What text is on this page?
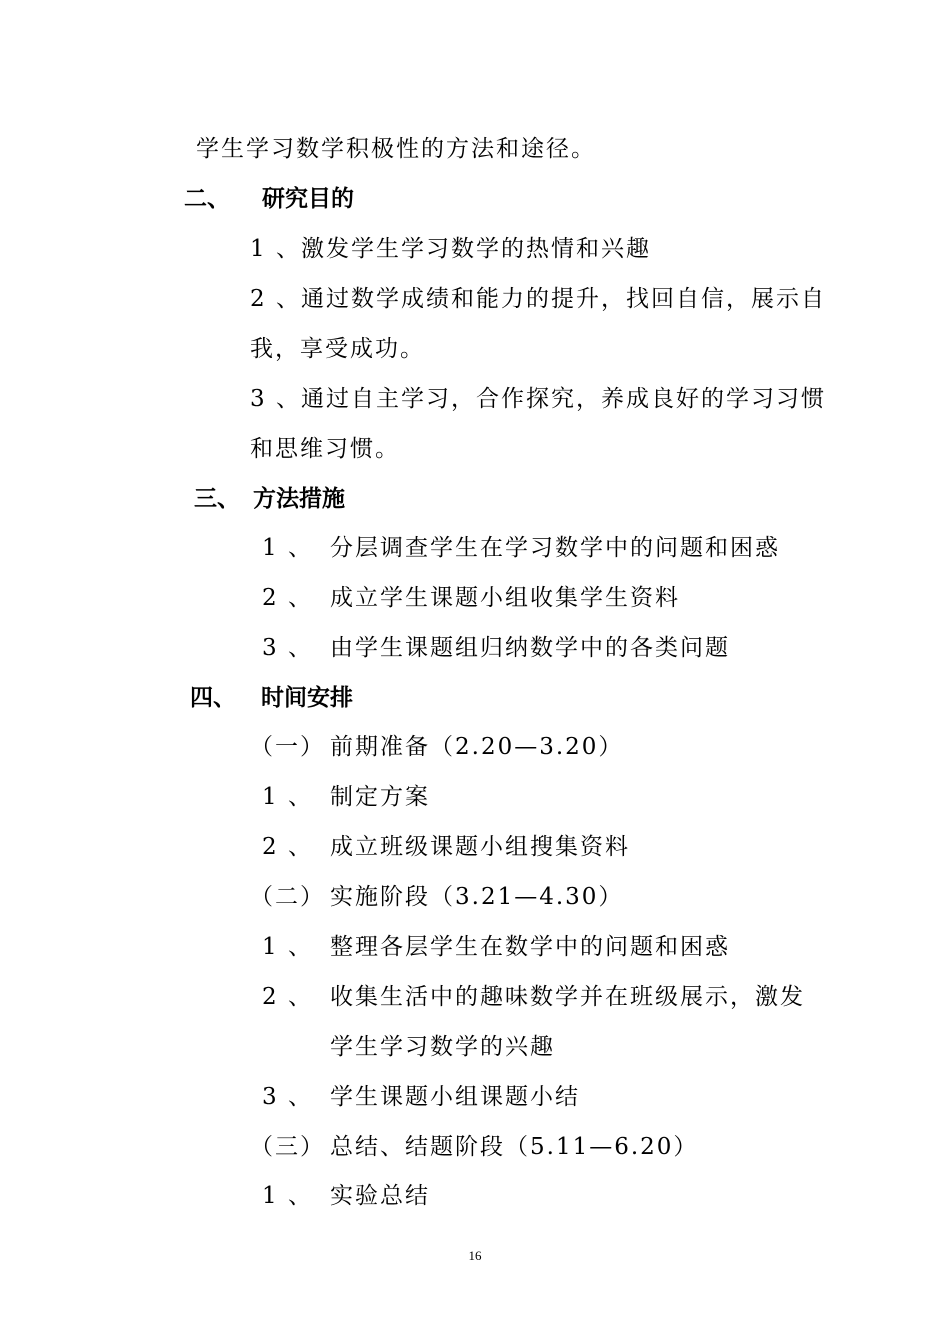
学生学习数学积极性的方法和途径。
二、 研究目的
1 、激发学生学习数学的热情和兴趣
2 、通过数学成绩和能力的提升，找回自信，展示自
我，享受成功。
3 、通过自主学习，合作探究，养成良好的学习习惯
和思维习惯。
三、 方法措施
1 、 分层调查学生在学习数学中的问题和困惑
2 、 成立学生课题小组收集学生资料
3 、 由学生课题组归纳数学中的各类问题
四、 时间安排
（一） 前期准备（2.20—3.20）
1 、 制定方案
2 、 成立班级课题小组搜集资料
（二） 实施阶段（3.21—4.30）
1 、 整理各层学生在数学中的问题和困惑
2 、 收集生活中的趣味数学并在班级展示，激发
学生学习数学的兴趣
3 、 学生课题小组课题小结
（三） 总结、结题阶段（5.11—6.20）
1 、 实验总结
16
